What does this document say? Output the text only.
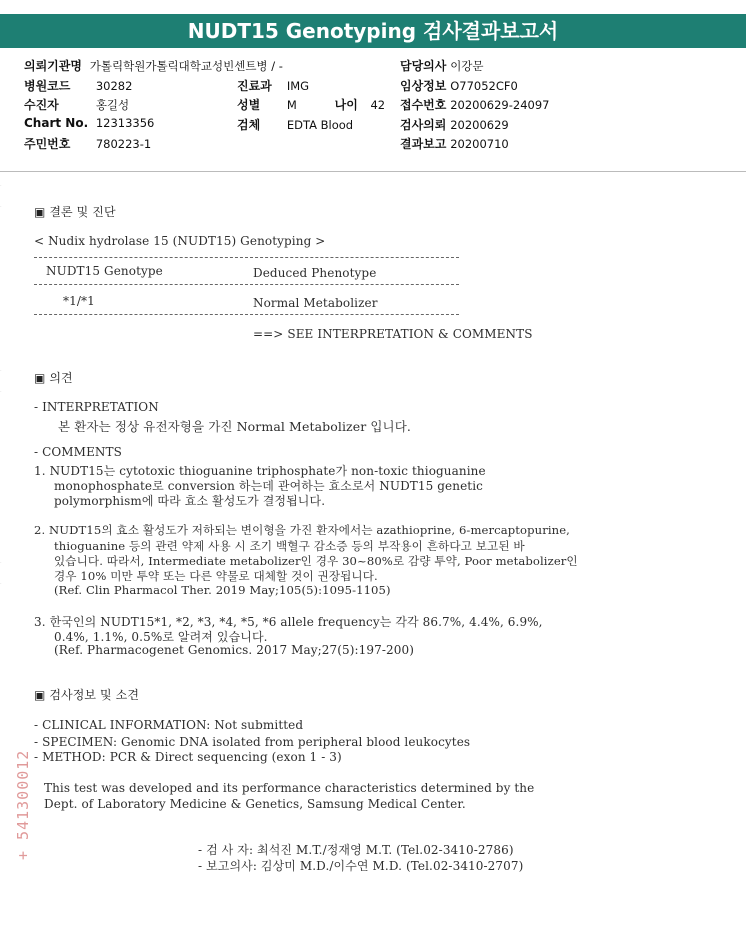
NUDT15 Genotyping 검사결과보고서
의뢰기관명 가톨릭학원가톨릭대학교성빈센트병 / -
병원코드 30282
수진자	홍길성
Chart No. 12313356
주민번호 780223-1
진료과 IMG
성별 M	나이 42
검체 EDTA Blood
담당의사 이강문
임상정보 O77052CF0
접수번호 20200629-24097
검사의뢰 20200629
결과보고 20200710
▣ 결론 및 진단
< Nudix hydrolase 15 (NUDT15) Genotyping >
NUDT15 Genotype	Deduced Phenotype
*1/*1	Normal Metabolizer
==> SEE INTERPRETATION & COMMENTS
▣ 의견
- INTERPRETATION
본 환자는 정상 유전자형을 가진 Normal Metabolizer 입니다.
- COMMENTS
1. NUDT15는 cytotoxic thioguanine triphosphate가 non-toxic thioguanine
monophosphate로 conversion 하는데 관여하는 효소로서 NUDT15 genetic
polymorphism에 따라 효소 활성도가 결정됩니다.
2. NUDT15의 효소 활성도가 저하되는 변이형을 가진 환자에서는 azathioprine, 6-mercaptopurine,
thioguanine 등의 관련 약제 사용 시 조기 백혈구 감소증 등의 부작용이 흔하다고 보고된 바
있습니다. 따라서, Intermediate metabolizer인 경우 30~80%로 감량 투약, Poor metabolizer인
경우 10% 미만 투약 또는 다른 약물로 대체할 것이 권장됩니다.
(Ref. Clin Pharmacol Ther. 2019 May;105(5):1095-1105)
3. 한국인의 NUDT15*1, *2, *3, *4, *5, *6 allele frequency는 각각 86.7%, 4.4%, 6.9%,
0.4%, 1.1%, 0.5%로 알려져 있습니다.
(Ref. Pharmacogenet Genomics. 2017 May;27(5):197-200)
▣ 검사정보 및 소견
- CLINICAL INFORMATION: Not submitted
- SPECIMEN: Genomic DNA isolated from peripheral blood leukocytes
- METHOD: PCR & Direct sequencing (exon 1 - 3)
This test was developed and its performance characteristics determined by the
Dept. of Laboratory Medicine & Genetics, Samsung Medical Center.
- 검 사 자: 최석진 M.T./정재영 M.T. (Tel.02-3410-2786)
- 보고의사: 김상미 M.D./이수연 M.D. (Tel.02-3410-2707)
+ 541300012
